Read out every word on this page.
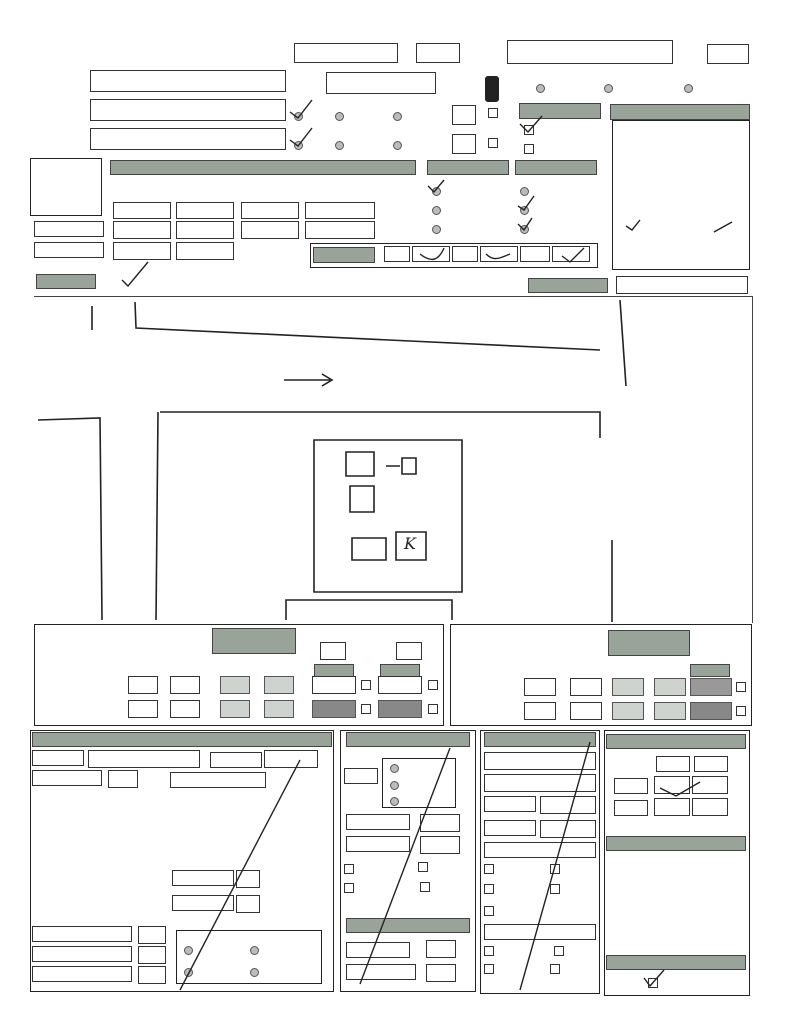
K
